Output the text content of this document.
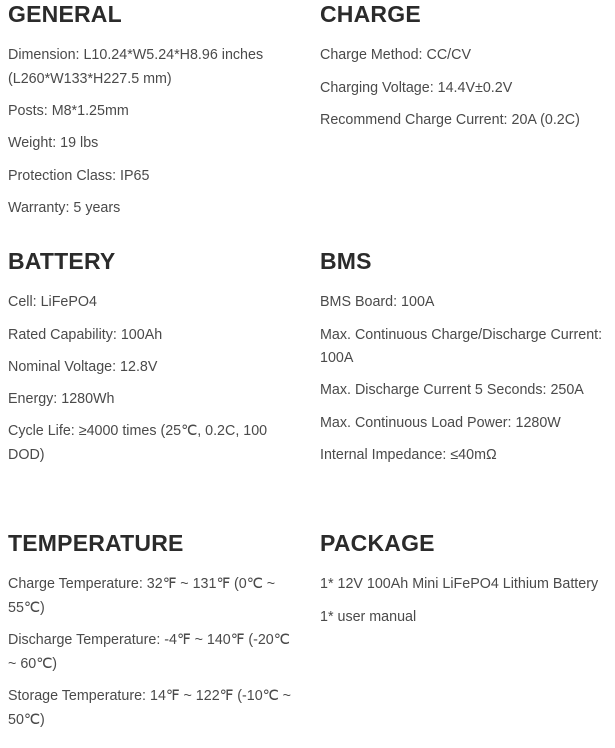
GENERAL
Dimension: L10.24*W5.24*H8.96 inches (L260*W133*H227.5 mm)
Posts: M8*1.25mm
Weight: 19 lbs
Protection Class: IP65
Warranty: 5 years
CHARGE
Charge Method: CC/CV
Charging Voltage: 14.4V±0.2V
Recommend Charge Current: 20A (0.2C)
BATTERY
Cell: LiFePO4
Rated Capability: 100Ah
Nominal Voltage: 12.8V
Energy: 1280Wh
Cycle Life: ≥4000 times (25℃, 0.2C, 100 DOD)
BMS
BMS Board: 100A
Max. Continuous Charge/Discharge Current: 100A
Max. Discharge Current 5 Seconds: 250A
Max. Continuous Load Power: 1280W
Internal Impedance: ≤40mΩ
TEMPERATURE
Charge Temperature: 32℉ ~ 131℉ (0℃ ~ 55℃)
Discharge Temperature: -4℉ ~ 140℉ (-20℃ ~ 60℃)
Storage Temperature: 14℉ ~ 122℉ (-10℃ ~ 50℃)
PACKAGE
1* 12V 100Ah Mini LiFePO4 Lithium Battery
1* user manual
